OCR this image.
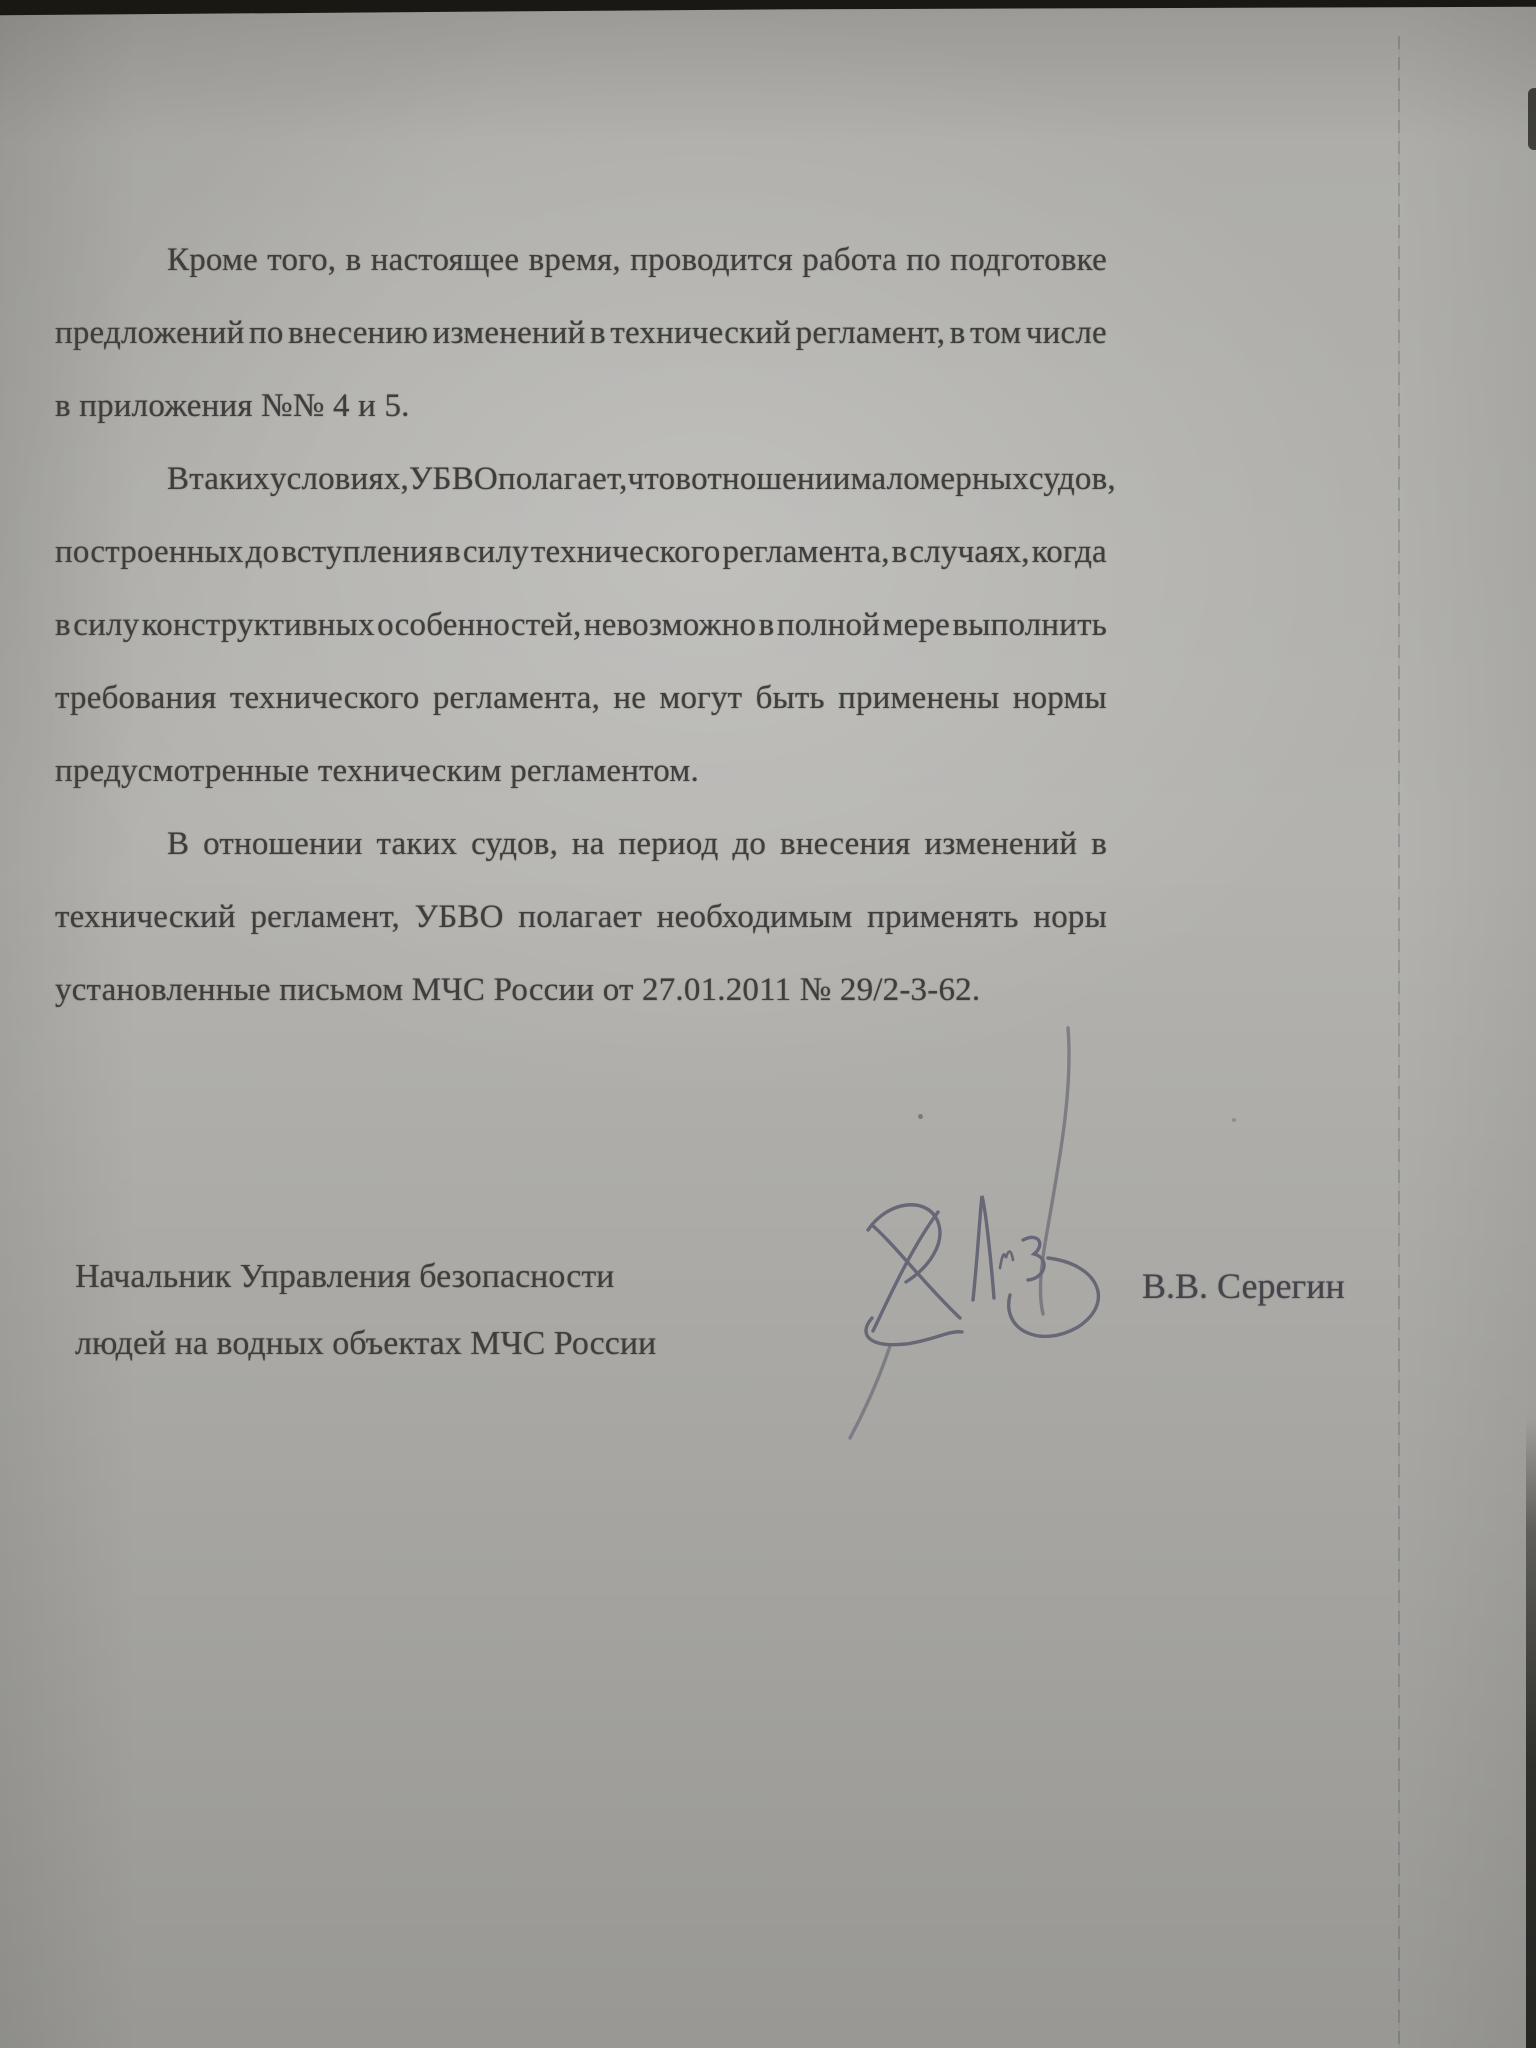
Кроме того, в настоящее время, проводится работа по подготовке
предложений по внесению изменений в технический регламент, в том числе
в приложения №№ 4 и 5.
В таких условиях, УБВО полагает, что в отношении маломерных судов,
построенных до вступления в силу технического регламента, в случаях, когда
в силу конструктивных особенностей, невозможно в полной мере выполнить
требования технического регламента, не могут быть применены нормы
предусмотренные техническим регламентом.
В отношении таких судов, на период до внесения изменений в
технический регламент, УБВО полагает необходимым применять норы
установленные письмом МЧС России от 27.01.2011 № 29/2-3-62.
Начальник Управления безопасности
людей на водных объектах МЧС России
В.В. Серегин
